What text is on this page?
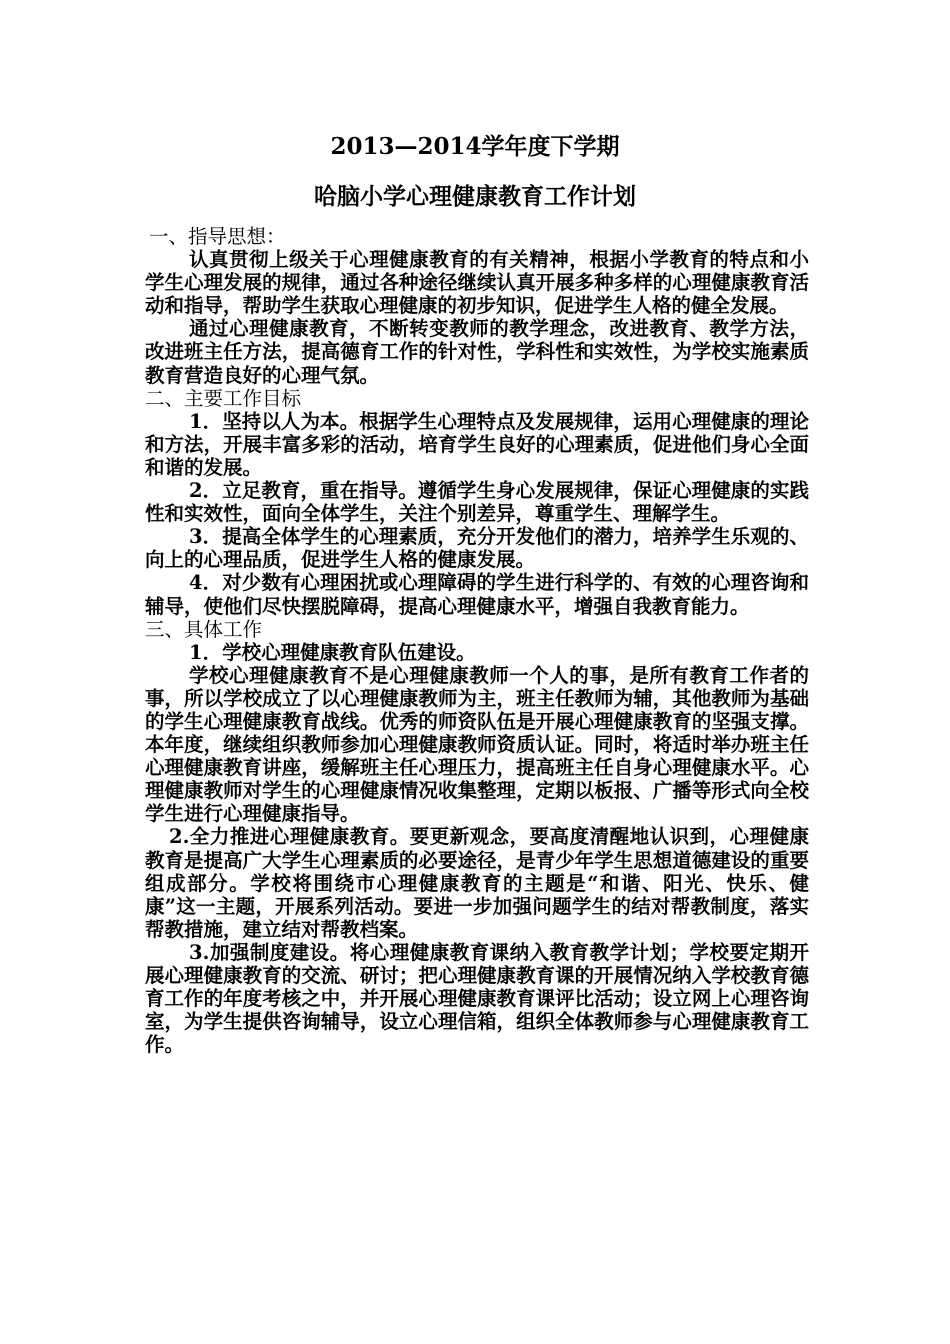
2013—2014学年度下学期
哈脑小学心理健康教育工作计划

一、指导思想：

认真贯彻上级关于心理健康教育的有关精神，根据小学教育的特点和小学生心理发展的规律，通过各种途径继续认真开展多种多样的心理健康教育活动和指导，帮助学生获取心理健康的初步知识，促进学生人格的健全发展。

通过心理健康教育，不断转变教师的教学理念，改进教育、教学方法，改进班主任方法，提高德育工作的针对性，学科性和实效性，为学校实施素质教育营造良好的心理气氛。

二、主要工作目标

1．坚持以人为本。根据学生心理特点及发展规律，运用心理健康的理论和方法，开展丰富多彩的活动，培育学生良好的心理素质，促进他们身心全面和谐的发展。

2．立足教育，重在指导。遵循学生身心发展规律，保证心理健康的实践性和实效性，面向全体学生，关注个别差异，尊重学生、理解学生。

3．提高全体学生的心理素质，充分开发他们的潜力，培养学生乐观的、向上的心理品质，促进学生人格的健康发展。

4．对少数有心理困扰或心理障碍的学生进行科学的、有效的心理咨询和辅导，使他们尽快摆脱障碍，提高心理健康水平，增强自我教育能力。

三、具体工作

1．学校心理健康教育队伍建设。

学校心理健康教育不是心理健康教师一个人的事，是所有教育工作者的事，所以学校成立了以心理健康教师为主，班主任教师为辅，其他教师为基础的学生心理健康教育战线。优秀的师资队伍是开展心理健康教育的坚强支撑。本年度，继续组织教师参加心理健康教师资质认证。同时，将适时举办班主任心理健康教育讲座，缓解班主任心理压力，提高班主任自身心理健康水平。心理健康教师对学生的心理健康情况收集整理，定期以板报、广播等形式向全校学生进行心理健康指导。

2.全力推进心理健康教育。要更新观念，要高度清醒地认识到，心理健康教育是提高广大学生心理素质的必要途径，是青少年学生思想道德建设的重要组成部分。学校将围绕市心理健康教育的主题是“和谐、阳光、快乐、健康”这一主题，开展系列活动。要进一步加强问题学生的结对帮教制度，落实帮教措施，建立结对帮教档案。

3.加强制度建设。将心理健康教育课纳入教育教学计划；学校要定期开展心理健康教育的交流、研讨；把心理健康教育课的开展情况纳入学校教育德育工作的年度考核之中，并开展心理健康教育课评比活动；设立网上心理咨询室，为学生提供咨询辅导，设立心理信箱，组织全体教师参与心理健康教育工作。
